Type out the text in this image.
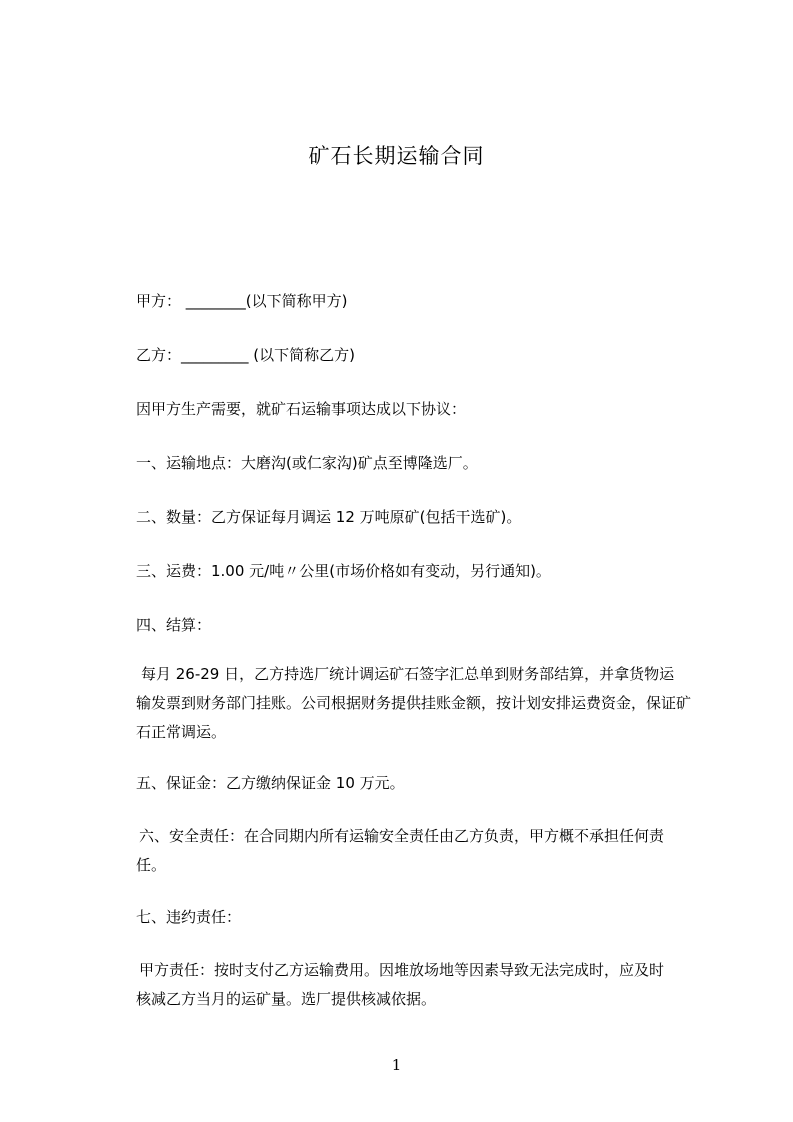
矿石长期运输合同
甲方： ________(以下简称甲方)
乙方：_________ (以下简称乙方)
因甲方生产需要，就矿石运输事项达成以下协议：
一、运输地点：大磨沟(或仁家沟)矿点至博隆选厂。
二、数量：乙方保证每月调运 12 万吨原矿(包括干选矿)。
三、运费：1.00 元/吨〃公里(市场价格如有变动，另行通知)。
四、结算：
每月 26-29 日，乙方持选厂统计调运矿石签字汇总单到财务部结算，并拿货物运
输发票到财务部门挂账。公司根据财务提供挂账金额，按计划安排运费资金，保证矿
石正常调运。
五、保证金：乙方缴纳保证金 10 万元。
六、安全责任：在合同期内所有运输安全责任由乙方负责，甲方概不承担任何责
任。
七、违约责任：
甲方责任：按时支付乙方运输费用。因堆放场地等因素导致无法完成时，应及时
核减乙方当月的运矿量。选厂提供核减依据。
1
